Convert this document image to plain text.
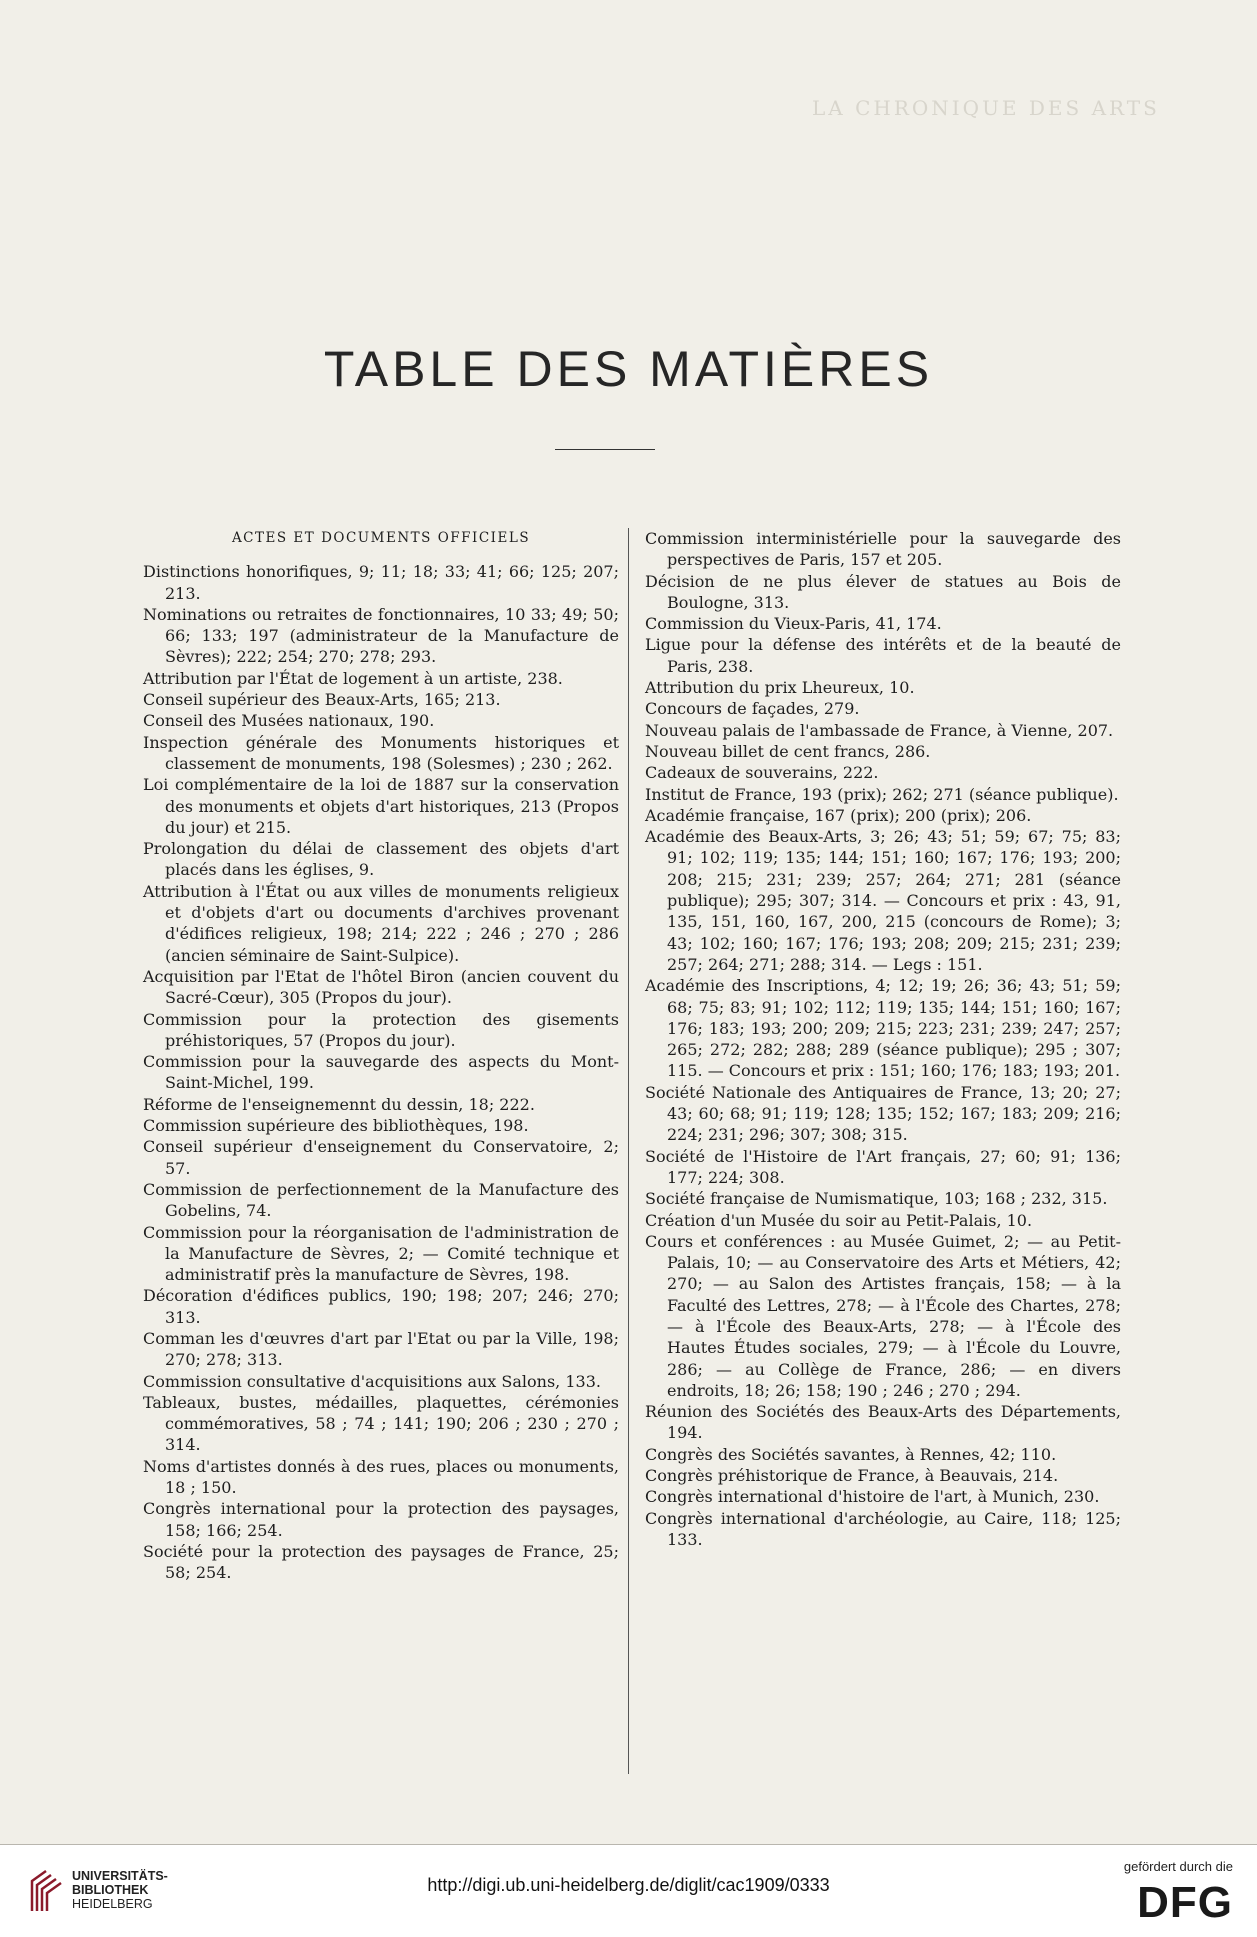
LA CHRONIQUE DES ARTS
TABLE DES MATIÈRES
ACTES ET DOCUMENTS OFFICIELS

Distinctions honorifiques, 9; 11; 18; 33; 41; 66; 125; 207; 213.

Nominations ou retraites de fonctionnaires, 10 33; 49; 50; 66; 133; 197 (administrateur de la Manufacture de Sèvres); 222; 254; 270; 278; 293.

Attribution par l'État de logement à un artiste, 238.

Conseil supérieur des Beaux-Arts, 165; 213.

Conseil des Musées nationaux, 190.

Inspection générale des Monuments historiques et classement de monuments, 198 (Solesmes) ; 230 ; 262.

Loi complémentaire de la loi de 1887 sur la conservation des monuments et objets d'art historiques, 213 (Propos du jour) et 215.

Prolongation du délai de classement des objets d'art placés dans les églises, 9.

Attribution à l'État ou aux villes de monuments religieux et d'objets d'art ou documents d'archives provenant d'édifices religieux, 198; 214; 222 ; 246 ; 270 ; 286 (ancien séminaire de Saint-Sulpice).

Acquisition par l'Etat de l'hôtel Biron (ancien couvent du Sacré-Cœur), 305 (Propos du jour).

Commission pour la protection des gisements préhistoriques, 57 (Propos du jour).

Commission pour la sauvegarde des aspects du Mont-Saint-Michel, 199.

Réforme de l'enseignemennt du dessin, 18; 222.

Commission supérieure des bibliothèques, 198.

Conseil supérieur d'enseignement du Conservatoire, 2; 57.

Commission de perfectionnement de la Manufacture des Gobelins, 74.

Commission pour la réorganisation de l'administration de la Manufacture de Sèvres, 2; — Comité technique et administratif près la manufacture de Sèvres, 198.

Décoration d'édifices publics, 190; 198; 207; 246; 270; 313.

Comman les d'œuvres d'art par l'Etat ou par la Ville, 198; 270; 278; 313.

Commission consultative d'acquisitions aux Salons, 133.

Tableaux, bustes, médailles, plaquettes, cérémonies commémoratives, 58 ; 74 ; 141; 190; 206 ; 230 ; 270 ; 314.

Noms d'artistes donnés à des rues, places ou monuments, 18 ; 150.

Congrès international pour la protection des paysages, 158; 166; 254.

Société pour la protection des paysages de France, 25; 58; 254.

Commission interministérielle pour la sauvegarde des perspectives de Paris, 157 et 205.

Décision de ne plus élever de statues au Bois de Boulogne, 313.

Commission du Vieux-Paris, 41, 174.

Ligue pour la défense des intérêts et de la beauté de Paris, 238.

Attribution du prix Lheureux, 10.

Concours de façades, 279.

Nouveau palais de l'ambassade de France, à Vienne, 207.

Nouveau billet de cent francs, 286.

Cadeaux de souverains, 222.

Institut de France, 193 (prix); 262; 271 (séance publique).

Académie française, 167 (prix); 200 (prix); 206.

Académie des Beaux-Arts, 3; 26; 43; 51; 59; 67; 75; 83; 91; 102; 119; 135; 144; 151; 160; 167; 176; 193; 200; 208; 215; 231; 239; 257; 264; 271; 281 (séance publique); 295; 307; 314. — Concours et prix : 43, 91, 135, 151, 160, 167, 200, 215 (concours de Rome); 3; 43; 102; 160; 167; 176; 193; 208; 209; 215; 231; 239; 257; 264; 271; 288; 314. — Legs : 151.

Académie des Inscriptions, 4; 12; 19; 26; 36; 43; 51; 59; 68; 75; 83; 91; 102; 112; 119; 135; 144; 151; 160; 167; 176; 183; 193; 200; 209; 215; 223; 231; 239; 247; 257; 265; 272; 282; 288; 289 (séance publique); 295 ; 307; 115. — Concours et prix : 151; 160; 176; 183; 193; 201.

Société Nationale des Antiquaires de France, 13; 20; 27; 43; 60; 68; 91; 119; 128; 135; 152; 167; 183; 209; 216; 224; 231; 296; 307; 308; 315.

Société de l'Histoire de l'Art français, 27; 60; 91; 136; 177; 224; 308.

Société française de Numismatique, 103; 168 ; 232, 315.

Création d'un Musée du soir au Petit-Palais, 10.

Cours et conférences : au Musée Guimet, 2; — au Petit-Palais, 10; — au Conservatoire des Arts et Métiers, 42; 270; — au Salon des Artistes français, 158; — à la Faculté des Lettres, 278; — à l'École des Chartes, 278; — à l'École des Beaux-Arts, 278; — à l'École des Hautes Études sociales, 279; — à l'École du Louvre, 286; — au Collège de France, 286; — en divers endroits, 18; 26; 158; 190 ; 246 ; 270 ; 294.

Réunion des Sociétés des Beaux-Arts des Départements, 194.

Congrès des Sociétés savantes, à Rennes, 42; 110.

Congrès préhistorique de France, à Beauvais, 214.

Congrès international d'histoire de l'art, à Munich, 230.

Congrès international d'archéologie, au Caire, 118; 125; 133.

UNIVERSITÄTS-
BIBLIOTHEK
HEIDELBERG
http://digi.ub.uni-heidelberg.de/diglit/cac1909/0333
gefördert durch die
DFG
